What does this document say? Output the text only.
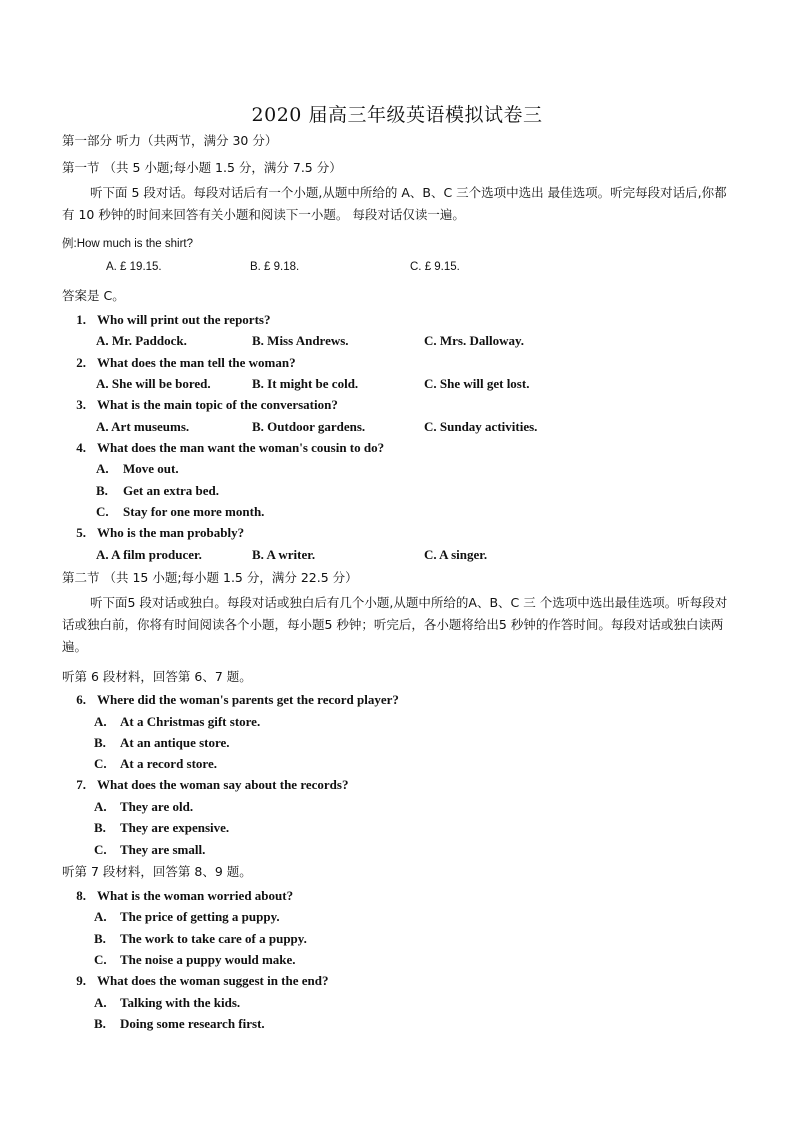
2020 届高三年级英语模拟试卷三
第一部分 听力（共两节，满分 30 分）
第一节 （共 5 小题;每小题 1.5 分，满分 7.5 分）
听下面 5 段对话。每段对话后有一个小题,从题中所给的 A、B、C 三个选项中选出 最佳选项。听完每段对话后,你都有 10 秒钟的时间来回答有关小题和阅读下一小题。 每段对话仅读一遍。
例:How much is the shirt?
A. £ 19.15.	B. £ 9.18.	C. £ 9.15.
答案是 C。
1. Who will print out the reports?
A. Mr. Paddock.	B. Miss Andrews.	C. Mrs. Dalloway.
2. What does the man tell the woman?
A. She will be bored.	B. It might be cold.	C. She will get lost.
3. What is the main topic of the conversation?
A. Art museums.	B. Outdoor gardens.	C. Sunday activities.
4. What does the man want the woman's cousin to do?
A. Move out.
B. Get an extra bed.
C. Stay for one more month.
5. Who is the man probably?
A. A film producer.	B. A writer.	C. A singer.
第二节 （共 15 小题;每小题 1.5 分，满分 22.5 分）
听下面5 段对话或独白。每段对话或独白后有几个小题,从题中所给的A、B、C 三 个选项中选出最佳选项。听每段对话或独白前，你将有时间阅读各个小题，每小题5 秒钟；听完后，各小题将给出5 秒钟的作答时间。每段对话或独白读两遍。
听第 6 段材料，回答第 6、7 题。
6. Where did the woman's parents get the record player?
A. At a Christmas gift store.
B. At an antique store.
C. At a record store.
7. What does the woman say about the records?
A. They are old.
B. They are expensive.
C. They are small.
听第 7 段材料，回答第 8、9 题。
8. What is the woman worried about?
A. The price of getting a puppy.
B. The work to take care of a puppy.
C. The noise a puppy would make.
9. What does the woman suggest in the end?
A. Talking with the kids.
B. Doing some research first.
